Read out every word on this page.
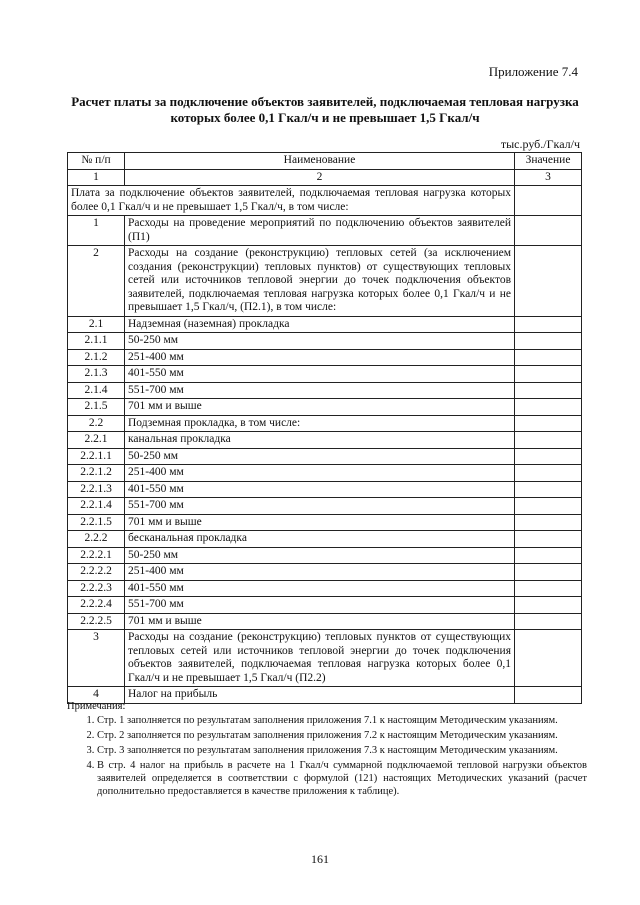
Приложение 7.4
Расчет платы за подключение объектов заявителей, подключаемая тепловая нагрузка
которых более 0,1 Гкал/ч и не превышает 1,5 Гкал/ч
тыс.руб./Гкал/ч
№ п/п	Наименование	Значение
1	2	3
Плата за подключение объектов заявителей, подключаемая тепловая нагрузка которых более 0,1 Гкал/ч и не превышает 1,5 Гкал/ч, в том числе:		
1	Расходы на проведение мероприятий по подключению объектов заявителей (П1)	
2	Расходы на создание (реконструкцию) тепловых сетей (за исключением создания (реконструкции) тепловых пунктов) от существующих тепловых сетей или источников тепловой энергии до точек подключения объектов заявителей, подключаемая тепловая нагрузка которых более 0,1 Гкал/ч и не превышает 1,5 Гкал/ч, (П2.1), в том числе:	
2.1	Надземная (наземная) прокладка	
2.1.1	50-250 мм	
2.1.2	251-400 мм	
2.1.3	401-550 мм	
2.1.4	551-700 мм	
2.1.5	701 мм и выше	
2.2	Подземная прокладка, в том числе:	
2.2.1	канальная прокладка	
2.2.1.1	50-250 мм	
2.2.1.2	251-400 мм	
2.2.1.3	401-550 мм	
2.2.1.4	551-700 мм	
2.2.1.5	701 мм и выше	
2.2.2	бесканальная прокладка	
2.2.2.1	50-250 мм	
2.2.2.2	251-400 мм	
2.2.2.3	401-550 мм	
2.2.2.4	551-700 мм	
2.2.2.5	701 мм и выше	
3	Расходы на создание (реконструкцию) тепловых пунктов от существующих тепловых сетей или источников тепловой энергии до точек подключения объектов заявителей, подключаемая тепловая нагрузка которых более 0,1 Гкал/ч и не превышает 1,5 Гкал/ч (П2.2)	
4	Налог на прибыль	
Примечания:
1. Стр. 1 заполняется по результатам заполнения приложения 7.1 к настоящим Методическим указаниям.
2. Стр. 2 заполняется по результатам заполнения приложения 7.2 к настоящим Методическим указаниям.
3. Стр. 3 заполняется по результатам заполнения приложения 7.3 к настоящим Методическим указаниям.
4. В стр. 4 налог на прибыль в расчете на 1 Гкал/ч суммарной подключаемой тепловой нагрузки объектов заявителей определяется в соответствии с формулой (121) настоящих Методических указаний (расчет дополнительно предоставляется в качестве приложения к таблице).
161
